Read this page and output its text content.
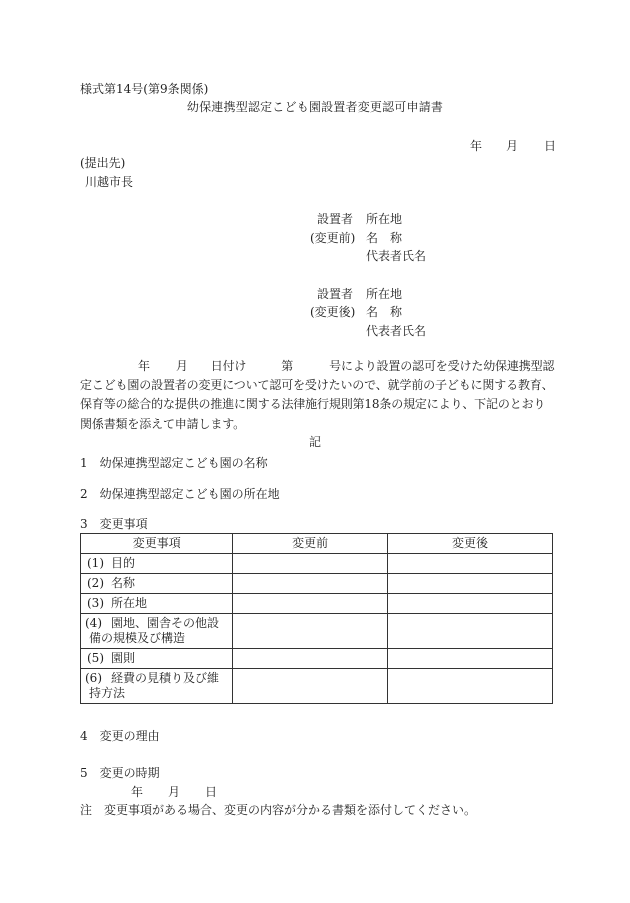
様式第14号(第9条関係)
幼保連携型認定こども園設置者変更認可申請書
年 月 日
(提出先)
川越市長
設置者 所在地
(変更前) 名　称
代表者氏名
設置者 所在地
(変更後) 名　称
代表者氏名
年 月 日付け	第	号により設置の認可を受けた幼保連携型認定こども園の設置者の変更について認可を受けたいので、就学前の子どもに関する教育、保育等の総合的な提供の推進に関する法律施行規則第18条の規定により、下記のとおり関係書類を添えて申請します。
記
1　幼保連携型認定こども園の名称
2　幼保連携型認定こども園の所在地
3　変更事項
変更事項	変更前	変更後
(1) 目的		
(2) 名称		
(3) 所在地		
(4) 園地、園舎その他設備の規模及び構造		
(5) 園則		
(6) 経費の見積り及び維持方法		
4　変更の理由
5　変更の時期
年 月 日
注　変更事項がある場合、変更の内容が分かる書類を添付してください。
